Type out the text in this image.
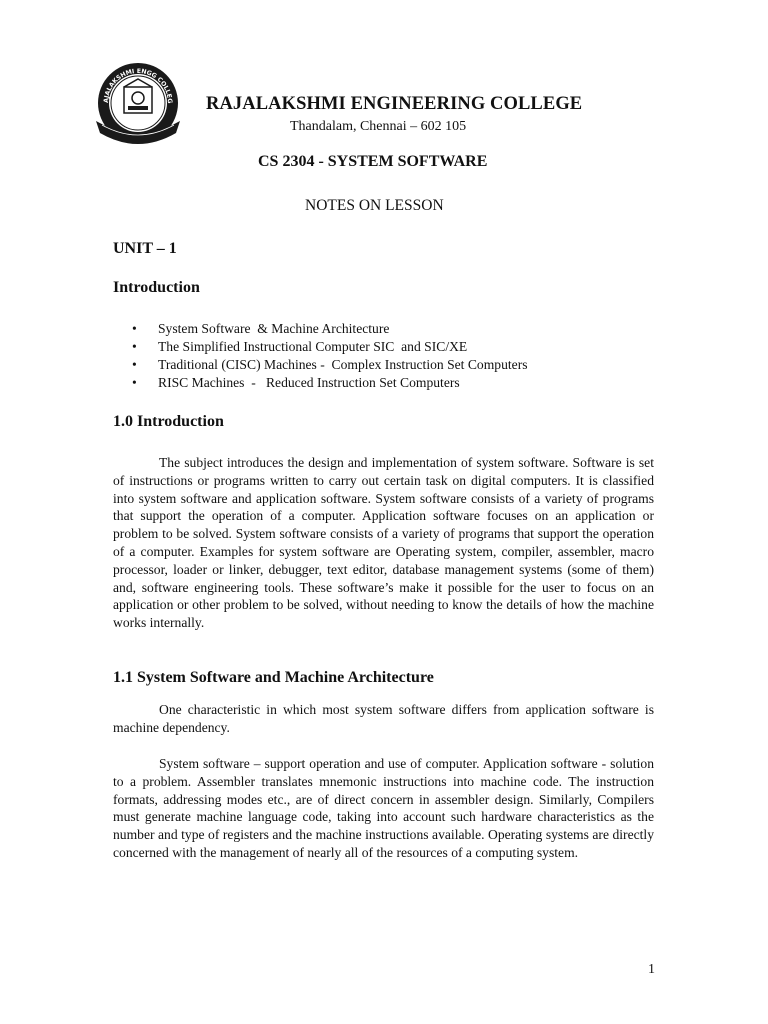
AJALAKSHMI ENGG COLLEG RAJALAKSHMI ENGINEERING COLLEGE
Thandalam, Chennai – 602 105
CS 2304 - SYSTEM SOFTWARE
NOTES ON LESSON
UNIT – 1
Introduction
• System Software  & Machine Architecture
• The Simplified Instructional Computer SIC  and SIC/XE
• Traditional (CISC) Machines -  Complex Instruction Set Computers
• RISC Machines  -   Reduced Instruction Set Computers
1.0 Introduction

The subject introduces the design and implementation of system software. Software is set of instructions or programs written to carry out certain task on digital computers. It is classified into system software and application software. System software consists of a variety of programs that support the operation of a computer. Application software focuses on an application or problem to be solved. System software consists of a variety of programs that support the operation of a computer. Examples for system software are Operating system, compiler, assembler, macro processor, loader or linker, debugger, text editor, database management systems (some of them) and, software engineering tools. These software’s make it possible for the user to focus on an application or other problem to be solved, without needing to know the details of how the machine works internally.

1.1 System Software and Machine Architecture

One characteristic in which most system software differs from application software is machine dependency.

System software – support operation and use of computer. Application software - solution to a problem. Assembler translates mnemonic instructions into machine code. The instruction formats, addressing modes etc., are of direct concern in assembler design. Similarly, Compilers must generate machine language code, taking into account such hardware characteristics as the number and type of registers and the machine instructions available. Operating systems are directly concerned with the management of nearly all of the resources of a computing system.

1
